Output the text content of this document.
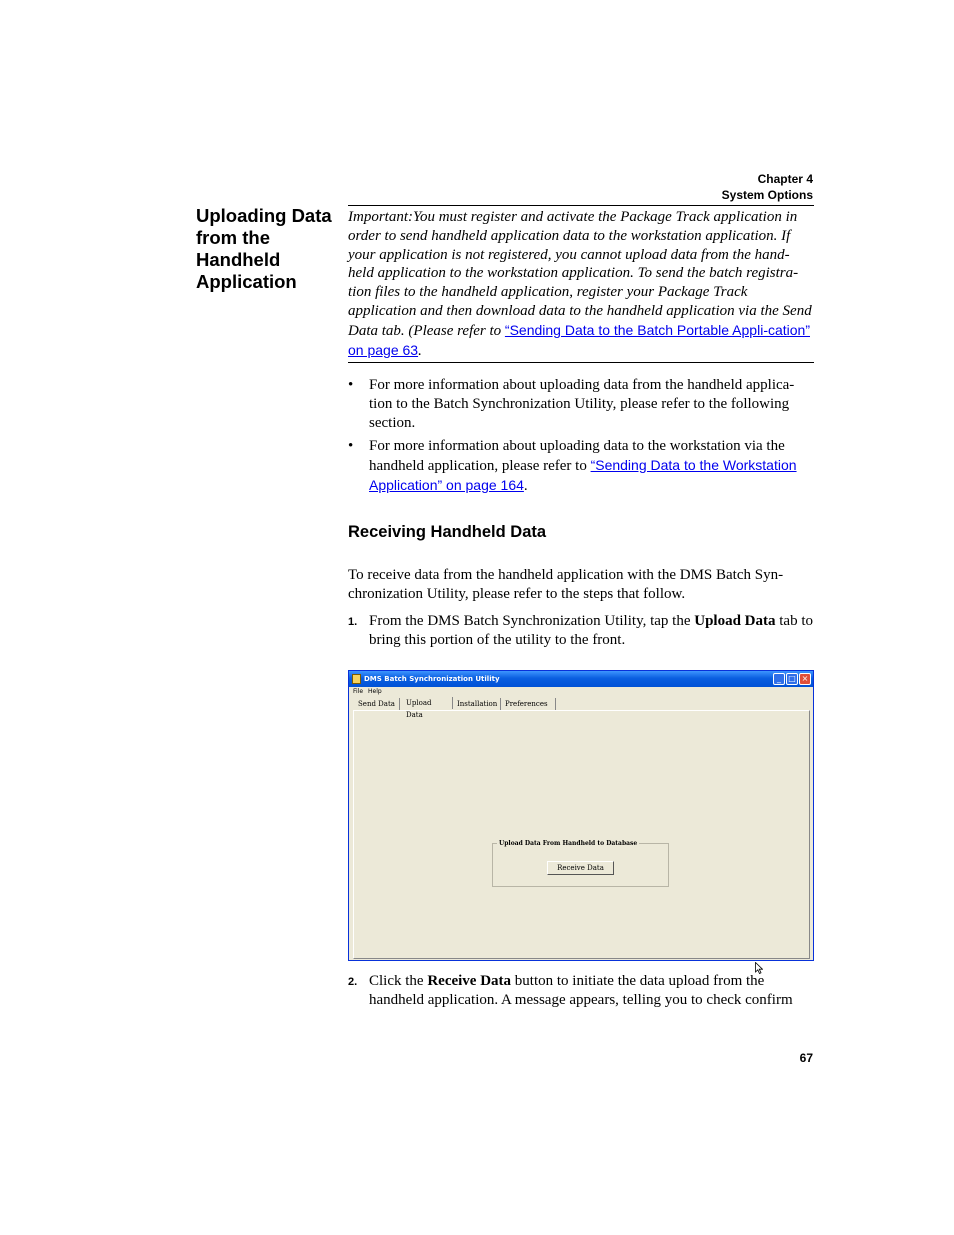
Chapter 4
System Options
Uploading Data from the Handheld Application
Important:You must register and activate the Package Track application in order to send handheld application data to the workstation application. If your application is not registered, you cannot upload data from the hand-held application to the workstation application. To send the batch registra-tion files to the handheld application, register your Package Track application and then download data to the handheld application via the Send Data tab. (Please refer to “Sending Data to the Batch Portable Appli-cation” on page 63.
• For more information about uploading data from the handheld applica-tion to the Batch Synchronization Utility, please refer to the following section.
• For more information about uploading data to the workstation via the handheld application, please refer to “Sending Data to the Workstation Application” on page 164.
Receiving Handheld Data
To receive data from the handheld application with the DMS Batch Syn-chronization Utility, please refer to the steps that follow.
1. From the DMS Batch Synchronization Utility, tap the Upload Data tab to bring this portion of the utility to the front.
DMS Batch Synchronization Utility	_ □ ×
File Help
Send Data	Upload Data
Installation	Preferences
Upload Data From Handheld to Database
Receive Data
2. Click the Receive Data button to initiate the data upload from the handheld application. A message appears, telling you to check confirm
67
